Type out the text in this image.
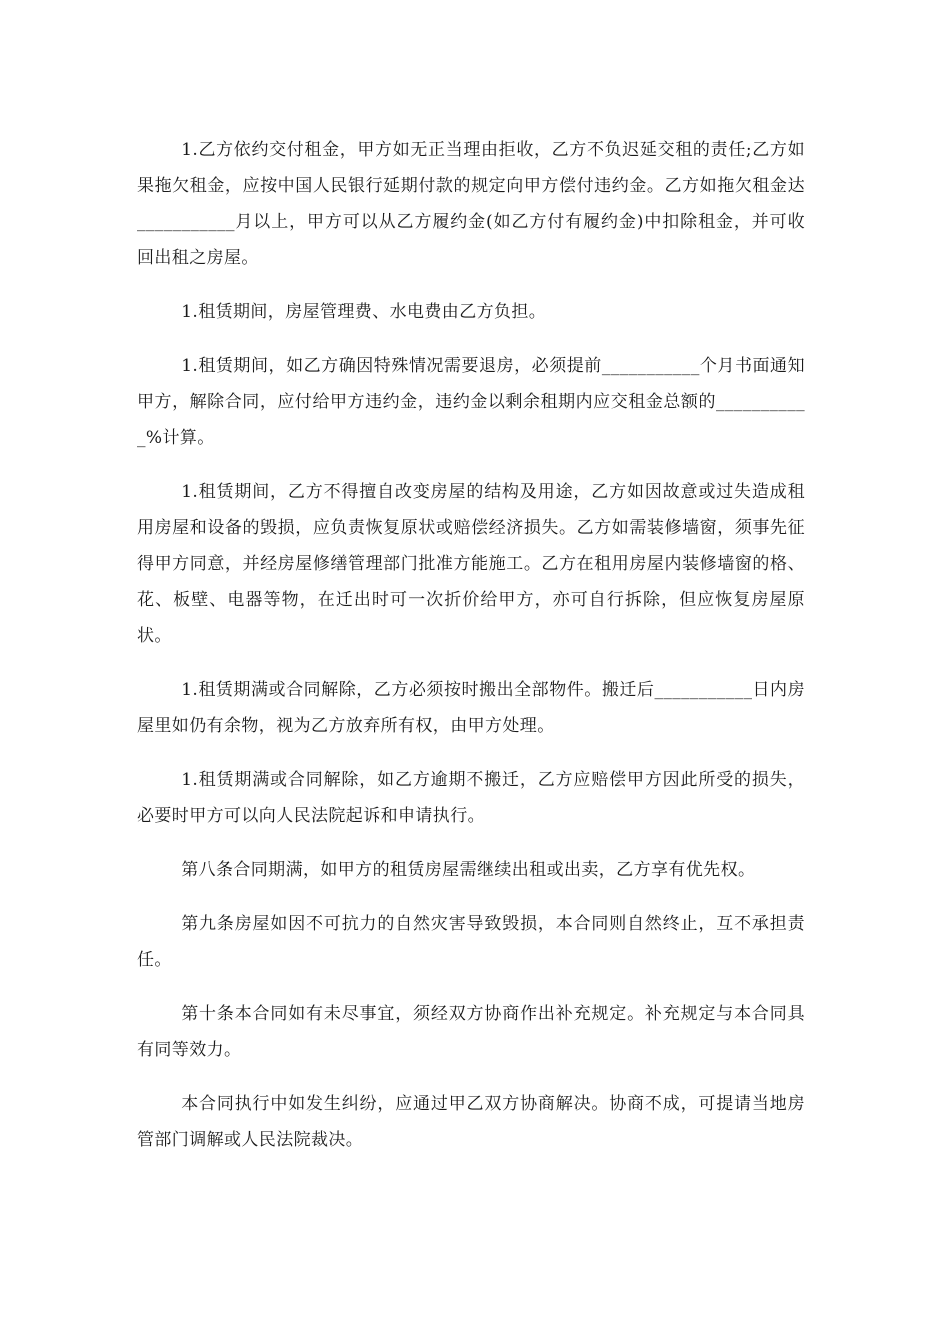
1.乙方依约交付租金，甲方如无正当理由拒收，乙方不负迟延交租的责任;乙方如果拖欠租金，应按中国人民银行延期付款的规定向甲方偿付违约金。乙方如拖欠租金达___________月以上，甲方可以从乙方履约金(如乙方付有履约金)中扣除租金，并可收回出租之房屋。

1.租赁期间，房屋管理费、水电费由乙方负担。

1.租赁期间，如乙方确因特殊情况需要退房，必须提前___________个月书面通知甲方，解除合同，应付给甲方违约金，违约金以剩余租期内应交租金总额的___________%计算。

1.租赁期间，乙方不得擅自改变房屋的结构及用途，乙方如因故意或过失造成租用房屋和设备的毁损，应负责恢复原状或赔偿经济损失。乙方如需装修墙窗，须事先征得甲方同意，并经房屋修缮管理部门批准方能施工。乙方在租用房屋内装修墙窗的格、花、板壁、电器等物，在迁出时可一次折价给甲方，亦可自行拆除，但应恢复房屋原状。

1.租赁期满或合同解除，乙方必须按时搬出全部物件。搬迁后___________日内房屋里如仍有余物，视为乙方放弃所有权，由甲方处理。

1.租赁期满或合同解除，如乙方逾期不搬迁，乙方应赔偿甲方因此所受的损失，必要时甲方可以向人民法院起诉和申请执行。

第八条合同期满，如甲方的租赁房屋需继续出租或出卖，乙方享有优先权。

第九条房屋如因不可抗力的自然灾害导致毁损，本合同则自然终止，互不承担责任。

第十条本合同如有未尽事宜，须经双方协商作出补充规定。补充规定与本合同具有同等效力。

本合同执行中如发生纠纷，应通过甲乙双方协商解决。协商不成，可提请当地房管部门调解或人民法院裁决。
